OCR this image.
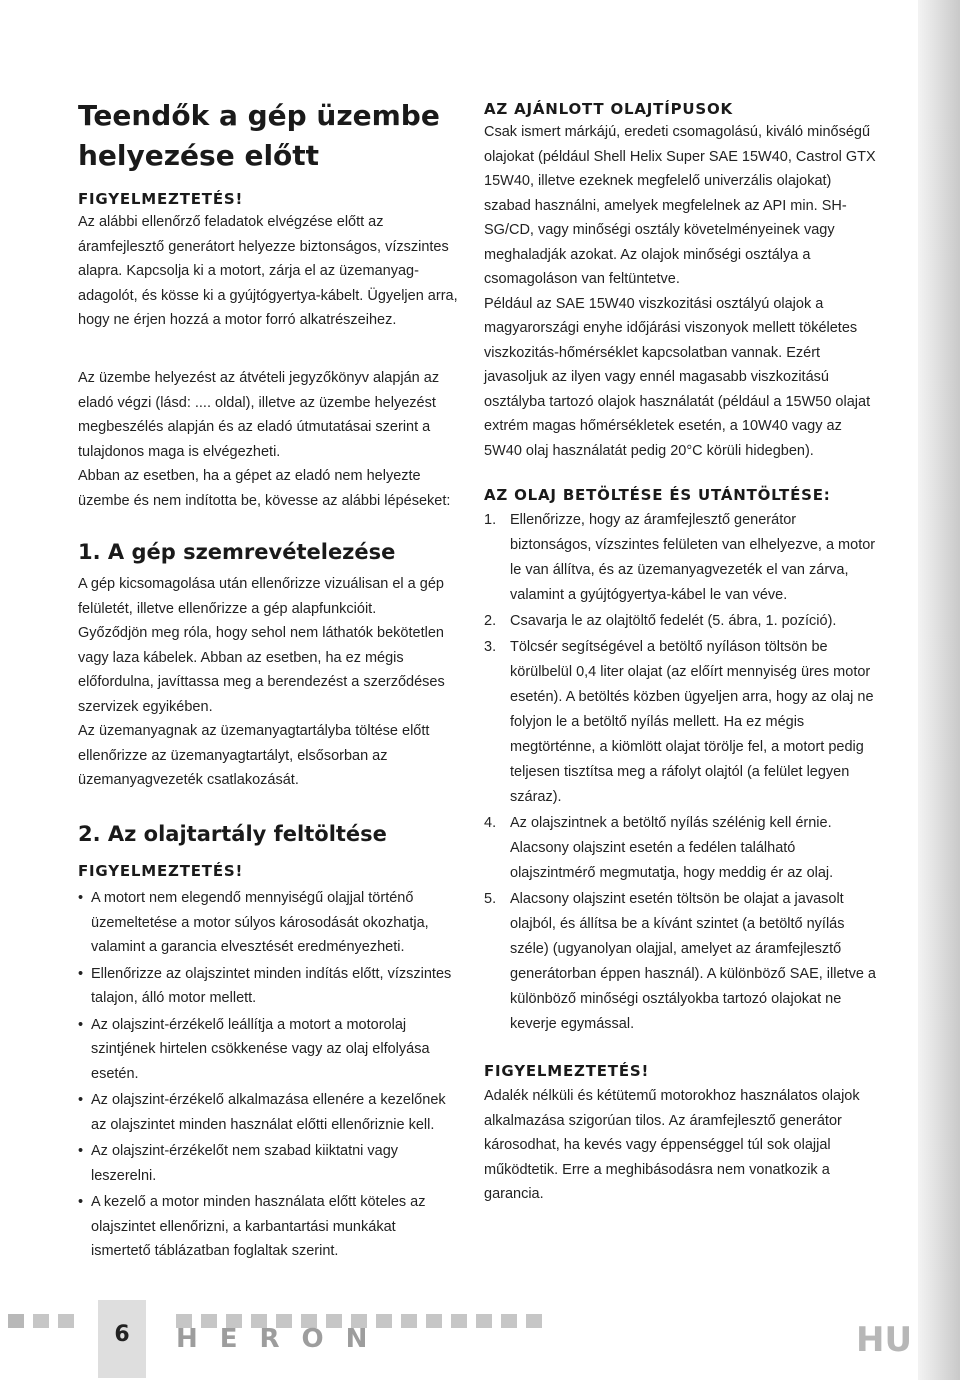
Teendők a gép üzembe helyezése előtt

FIGYELMEZTETÉS!

Az alábbi ellenőrző feladatok elvégzése előtt az áramfejlesztő generátort helyezze biztonságos, vízszintes alapra. Kapcsolja ki a motort, zárja el az üzemanyag-adagolót, és kösse ki a gyújtógyertya-kábelt. Ügyeljen arra, hogy ne érjen hozzá a motor forró alkatrészeihez.

Az üzembe helyezést az átvételi jegyzőkönyv alapján az eladó végzi (lásd: .... oldal), illetve az üzembe helyezést megbeszélés alapján és az eladó útmutatásai szerint a tulajdonos maga is elvégezheti.

Abban az esetben, ha a gépet az eladó nem helyezte üzembe és nem indította be, kövesse az alábbi lépéseket:

1. A gép szemrevételezése

A gép kicsomagolása után ellenőrizze vizuálisan el a gép felületét, illetve ellenőrizze a gép alapfunkcióit.

Győződjön meg róla, hogy sehol nem láthatók bekötetlen vagy laza kábelek. Abban az esetben, ha ez mégis előfordulna, javíttassa meg a berendezést a szerződéses szervizek egyikében.

Az üzemanyagnak az üzemanyagtartályba töltése előtt ellenőrizze az üzemanyagtartályt, elsősorban az üzemanyagvezeték csatlakozását.

2. Az olajtartály feltöltése

FIGYELMEZTETÉS!

• A motort nem elegendő mennyiségű olajjal történő üzemeltetése a motor súlyos károsodását okozhatja, valamint a garancia elvesztését eredményezheti.
• Ellenőrizze az olajszintet minden indítás előtt, vízszintes talajon, álló motor mellett.
• Az olajszint-érzékelő leállítja a motort a motorolaj szintjének hirtelen csökkenése vagy az olaj elfolyása esetén.
• Az olajszint-érzékelő alkalmazása ellenére a kezelőnek az olajszintet minden használat előtti ellenőriznie kell.
• Az olajszint-érzékelőt nem szabad kiiktatni vagy leszerelni.
• A kezelő a motor minden használata előtt köteles az olajszintet ellenőrizni, a karbantartási munkákat ismertető táblázatban foglaltak szerint.

AZ AJÁNLOTT OLAJTÍPUSOK

Csak ismert márkájú, eredeti csomagolású, kiváló minőségű olajokat (például Shell Helix Super SAE 15W40, Castrol GTX 15W40, illetve ezeknek megfelelő univerzális olajokat) szabad használni, amelyek megfelelnek az API min. SH- SG/CD, vagy minőségi osztály követelményeinek vagy meghaladják azokat. Az olajok minőségi osztálya a csomagoláson van feltüntetve.

Például az SAE 15W40 viszkozitási osztályú olajok a magyarországi enyhe időjárási viszonyok mellett tökéletes viszkozitás-hőmérséklet kapcsolatban vannak. Ezért javasoljuk az ilyen vagy ennél magasabb viszkozitású osztályba tartozó olajok használatát (például a 15W50 olajat extrém magas hőmérsékletek esetén, a 10W40 vagy az 5W40 olaj használatát pedig 20°C körüli hidegben).

AZ OLAJ BETÖLTÉSE ÉS UTÁNTÖLTÉSE:

1. Ellenőrizze, hogy az áramfejlesztő generátor biztonságos, vízszintes felületen van elhelyezve, a motor le van állítva, és az üzemanyagvezeték el van zárva, valamint a gyújtógyertya-kábel le van véve.
2. Csavarja le az olajtöltő fedelét (5. ábra, 1. pozíció).
3. Tölcsér segítségével a betöltő nyíláson töltsön be körülbelül 0,4 liter olajat (az előírt mennyiség üres motor esetén). A betöltés közben ügyeljen arra, hogy az olaj ne folyjon le a betöltő nyílás mellett. Ha ez mégis megtörténne, a kiömlött olajat törölje fel, a motort pedig teljesen tisztítsa meg a ráfolyt olajtól (a felület legyen száraz).
4. Az olajszintnek a betöltő nyílás szélénig kell érnie. Alacsony olajszint esetén a fedélen található olajszintmérő megmutatja, hogy meddig ér az olaj.
5. Alacsony olajszint esetén töltsön be olajat a javasolt olajból, és állítsa be a kívánt szintet (a betöltő nyílás széle) (ugyanolyan olajjal, amelyet az áramfejlesztő generátorban éppen használ). A különböző SAE, illetve a különböző minőségi osztályokba tartozó olajokat ne keverje egymással.

FIGYELMEZTETÉS!

Adalék nélküli és kétütemű motorokhoz használatos olajok alkalmazása szigorúan tilos. Az áramfejlesztő generátor károsodhat, ha kevés vagy éppenséggel túl sok olajjal működtetik. Erre a meghibásodásra nem vonatkozik a garancia.

6	HERON	HU
